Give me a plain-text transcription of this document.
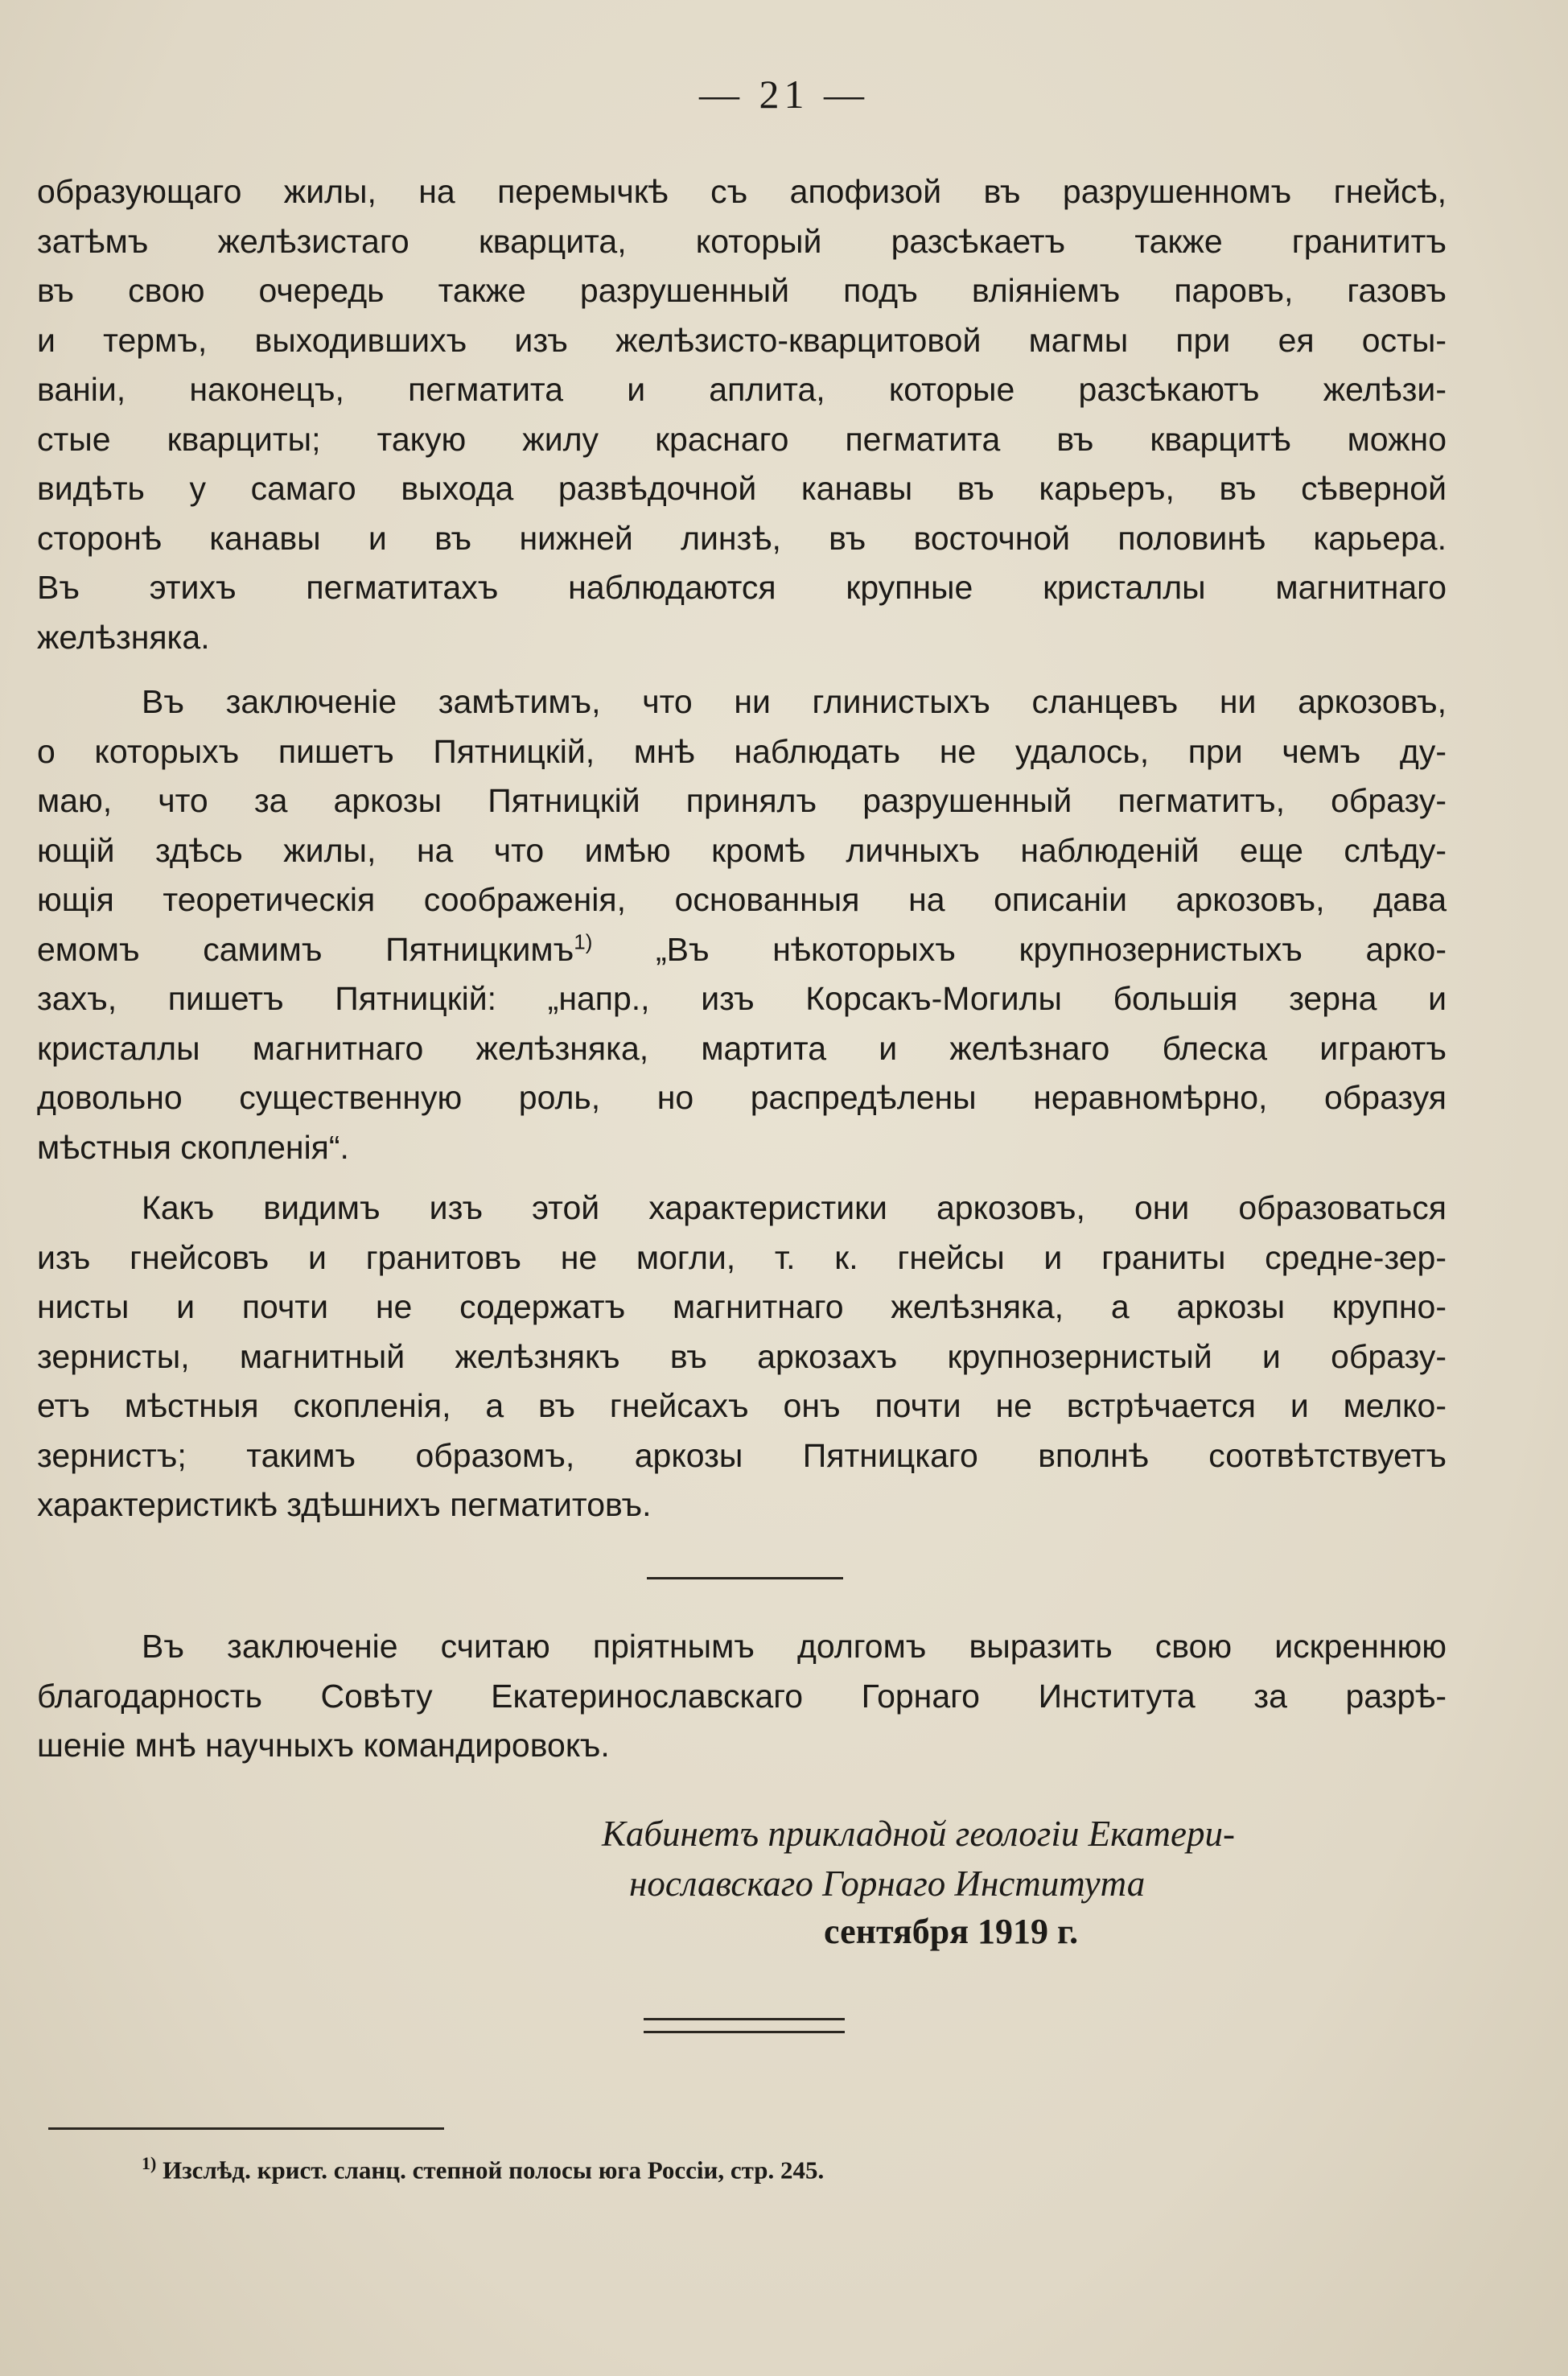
— 21 —
образующаго жилы, на перемычкѣ съ апофизой въ разрушенномъ гнейсѣ,
затѣмъ желѣзистаго кварцита, который разсѣкаетъ также гранититъ
въ свою очередь также разрушенный подъ вліяніемъ паровъ, газовъ
и термъ, выходившихъ изъ желѣзисто-кварцитовой магмы при ея осты-
ваніи, наконецъ, пегматита и аплита, которые разсѣкаютъ желѣзи-
стые кварциты; такую жилу краснаго пегматита въ кварцитѣ можно
видѣть у самаго выхода развѣдочной канавы въ карьеръ, въ сѣверной
сторонѣ канавы и въ нижней линзѣ, въ восточной половинѣ карьера.
Въ этихъ пегматитахъ наблюдаются крупные кристаллы магнитнаго
желѣзняка.
Въ заключеніе замѣтимъ, что ни глинистыхъ сланцевъ ни аркозовъ,
о которыхъ пишетъ Пятницкій, мнѣ наблюдать не удалось, при чемъ ду-
маю, что за аркозы Пятницкій принялъ разрушенный пегматитъ, образу-
ющій здѣсь жилы, на что имѣю кромѣ личныхъ наблюденій еще слѣду-
ющія теоретическія соображенія, основанныя на описаніи аркозовъ, дава
емомъ самимъ Пятницкимъ$^{1)}$ „Въ нѣкоторыхъ крупнозернистыхъ арко-
захъ, пишетъ Пятницкій: „напр., изъ Корсакъ-Могилы большія зерна и
кристаллы магнитнаго желѣзняка, мартита и желѣзнаго блеска играютъ
довольно существенную роль, но распредѣлены неравномѣрно, образуя
мѣстныя скопленія“.
Какъ видимъ изъ этой характеристики аркозовъ, они образоваться
изъ гнейсовъ и гранитовъ не могли, т. к. гнейсы и граниты средне-зер-
нисты и почти не содержатъ магнитнаго желѣзняка, а аркозы крупно-
зернисты, магнитный желѣзнякъ въ аркозахъ крупнозернистый и образу-
етъ мѣстныя скопленія, а въ гнейсахъ онъ почти не встрѣчается и мелко-
зернистъ; такимъ образомъ, аркозы Пятницкаго вполнѣ соотвѣтствуетъ
характеристикѣ здѣшнихъ пегматитовъ.
Въ заключеніе считаю пріятнымъ долгомъ выразить свою искреннюю
благодарность Совѣту Екатеринославскаго Горнаго Института за разрѣ-
шеніе мнѣ научныхъ командировокъ.
Кабинетъ прикладной геологіи Екатери-
нославскаго Горнаго Института
сентября 1919 г.
$^{1)}$ Изслѣд. крист. сланц. степной полосы юга Россіи, стр. 245.
